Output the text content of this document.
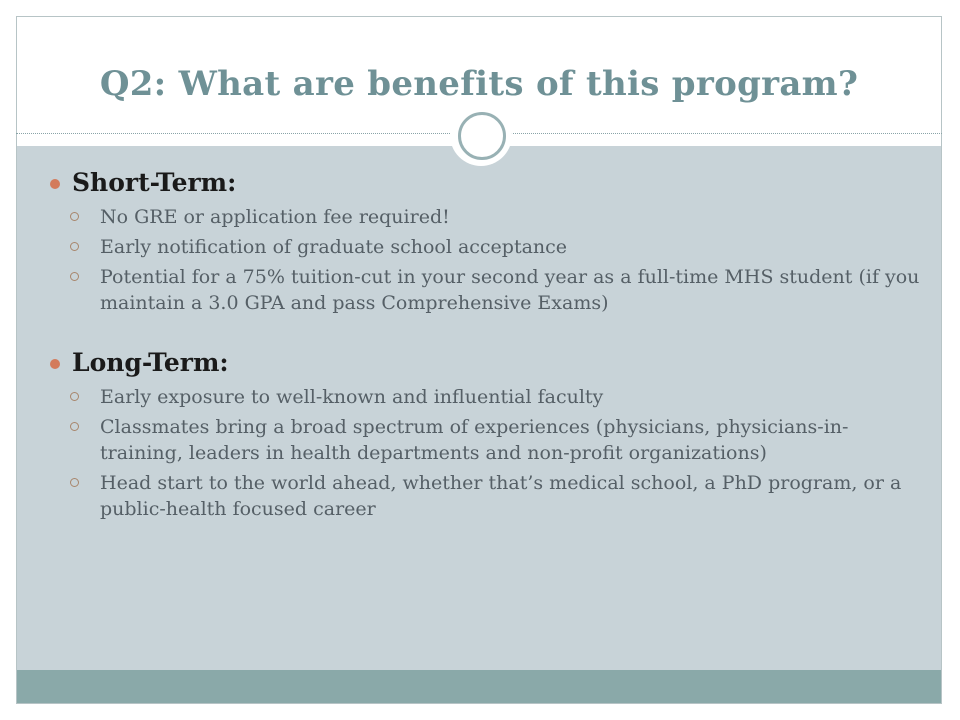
Q2: What are benefits of this program?
Short-Term:
No GRE or application fee required!
Early notification of graduate school acceptance
Potential for a 75% tuition-cut in your second year as a full-time MHS student (if you maintain a 3.0 GPA and pass Comprehensive Exams)
Long-Term:
Early exposure to well-known and influential faculty
Classmates bring a broad spectrum of experiences (physicians, physicians-in-training, leaders in health departments and non-profit organizations)
Head start to the world ahead, whether that’s medical school, a PhD program, or a public-health focused career
